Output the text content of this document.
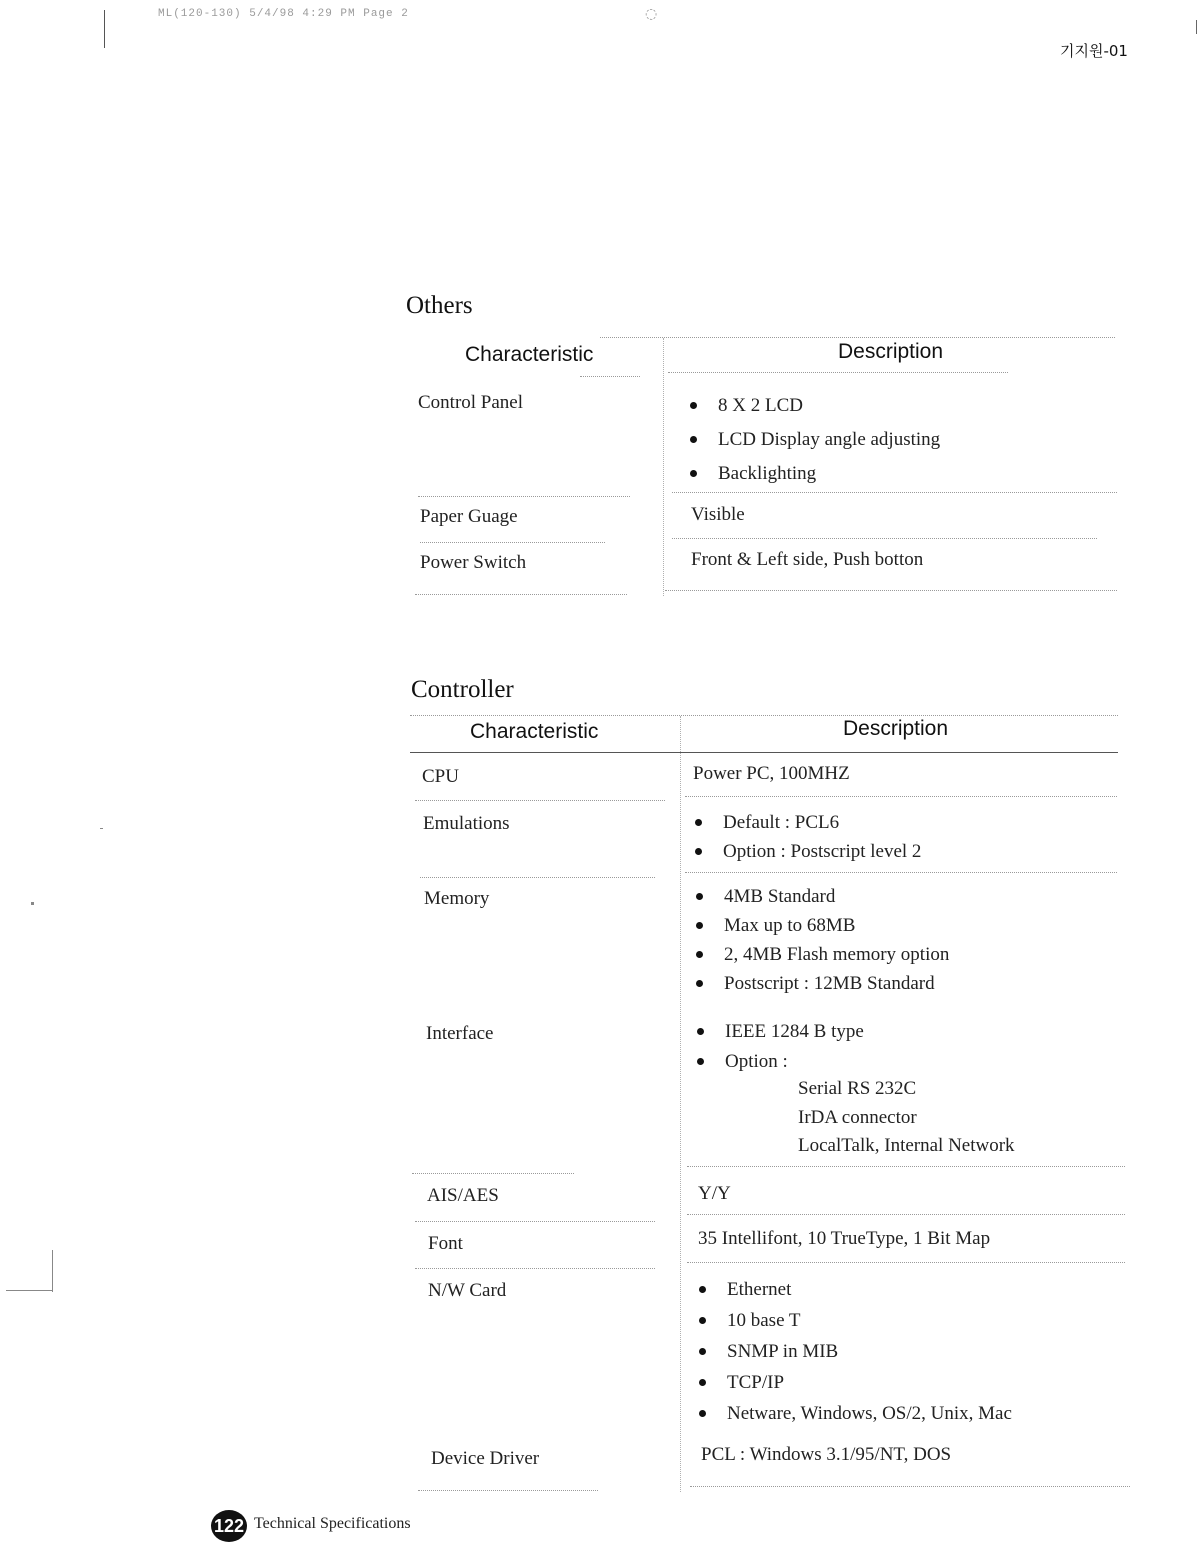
◌
ML(120-130) 5/4/98 4:29 PM Page 2
기지원-01
Others
Characteristic	Description
Control Panel	8 X 2 LCD
LCD Display angle adjusting
Backlighting
Paper Guage	Visible
Power Switch	Front & Left side, Push botton
Controller
Characteristic	Description
CPU	Power PC, 100MHZ
Emulations	Default : PCL6
Option : Postscript level 2
Memory	4MB Standard
Max up to 68MB
2, 4MB Flash memory option
Postscript : 12MB Standard
Interface	IEEE 1284 B type
Option :
Serial RS 232C
IrDA connector
LocalTalk, Internal Network
AIS/AES	Y/Y
Font	35 Intellifont, 10 TrueType, 1 Bit Map
N/W Card	Ethernet
10 base T
SNMP in MIB
TCP/IP
Netware, Windows, OS/2, Unix, Mac
Device Driver	PCL : Windows 3.1/95/NT, DOS
122 Technical Specifications
